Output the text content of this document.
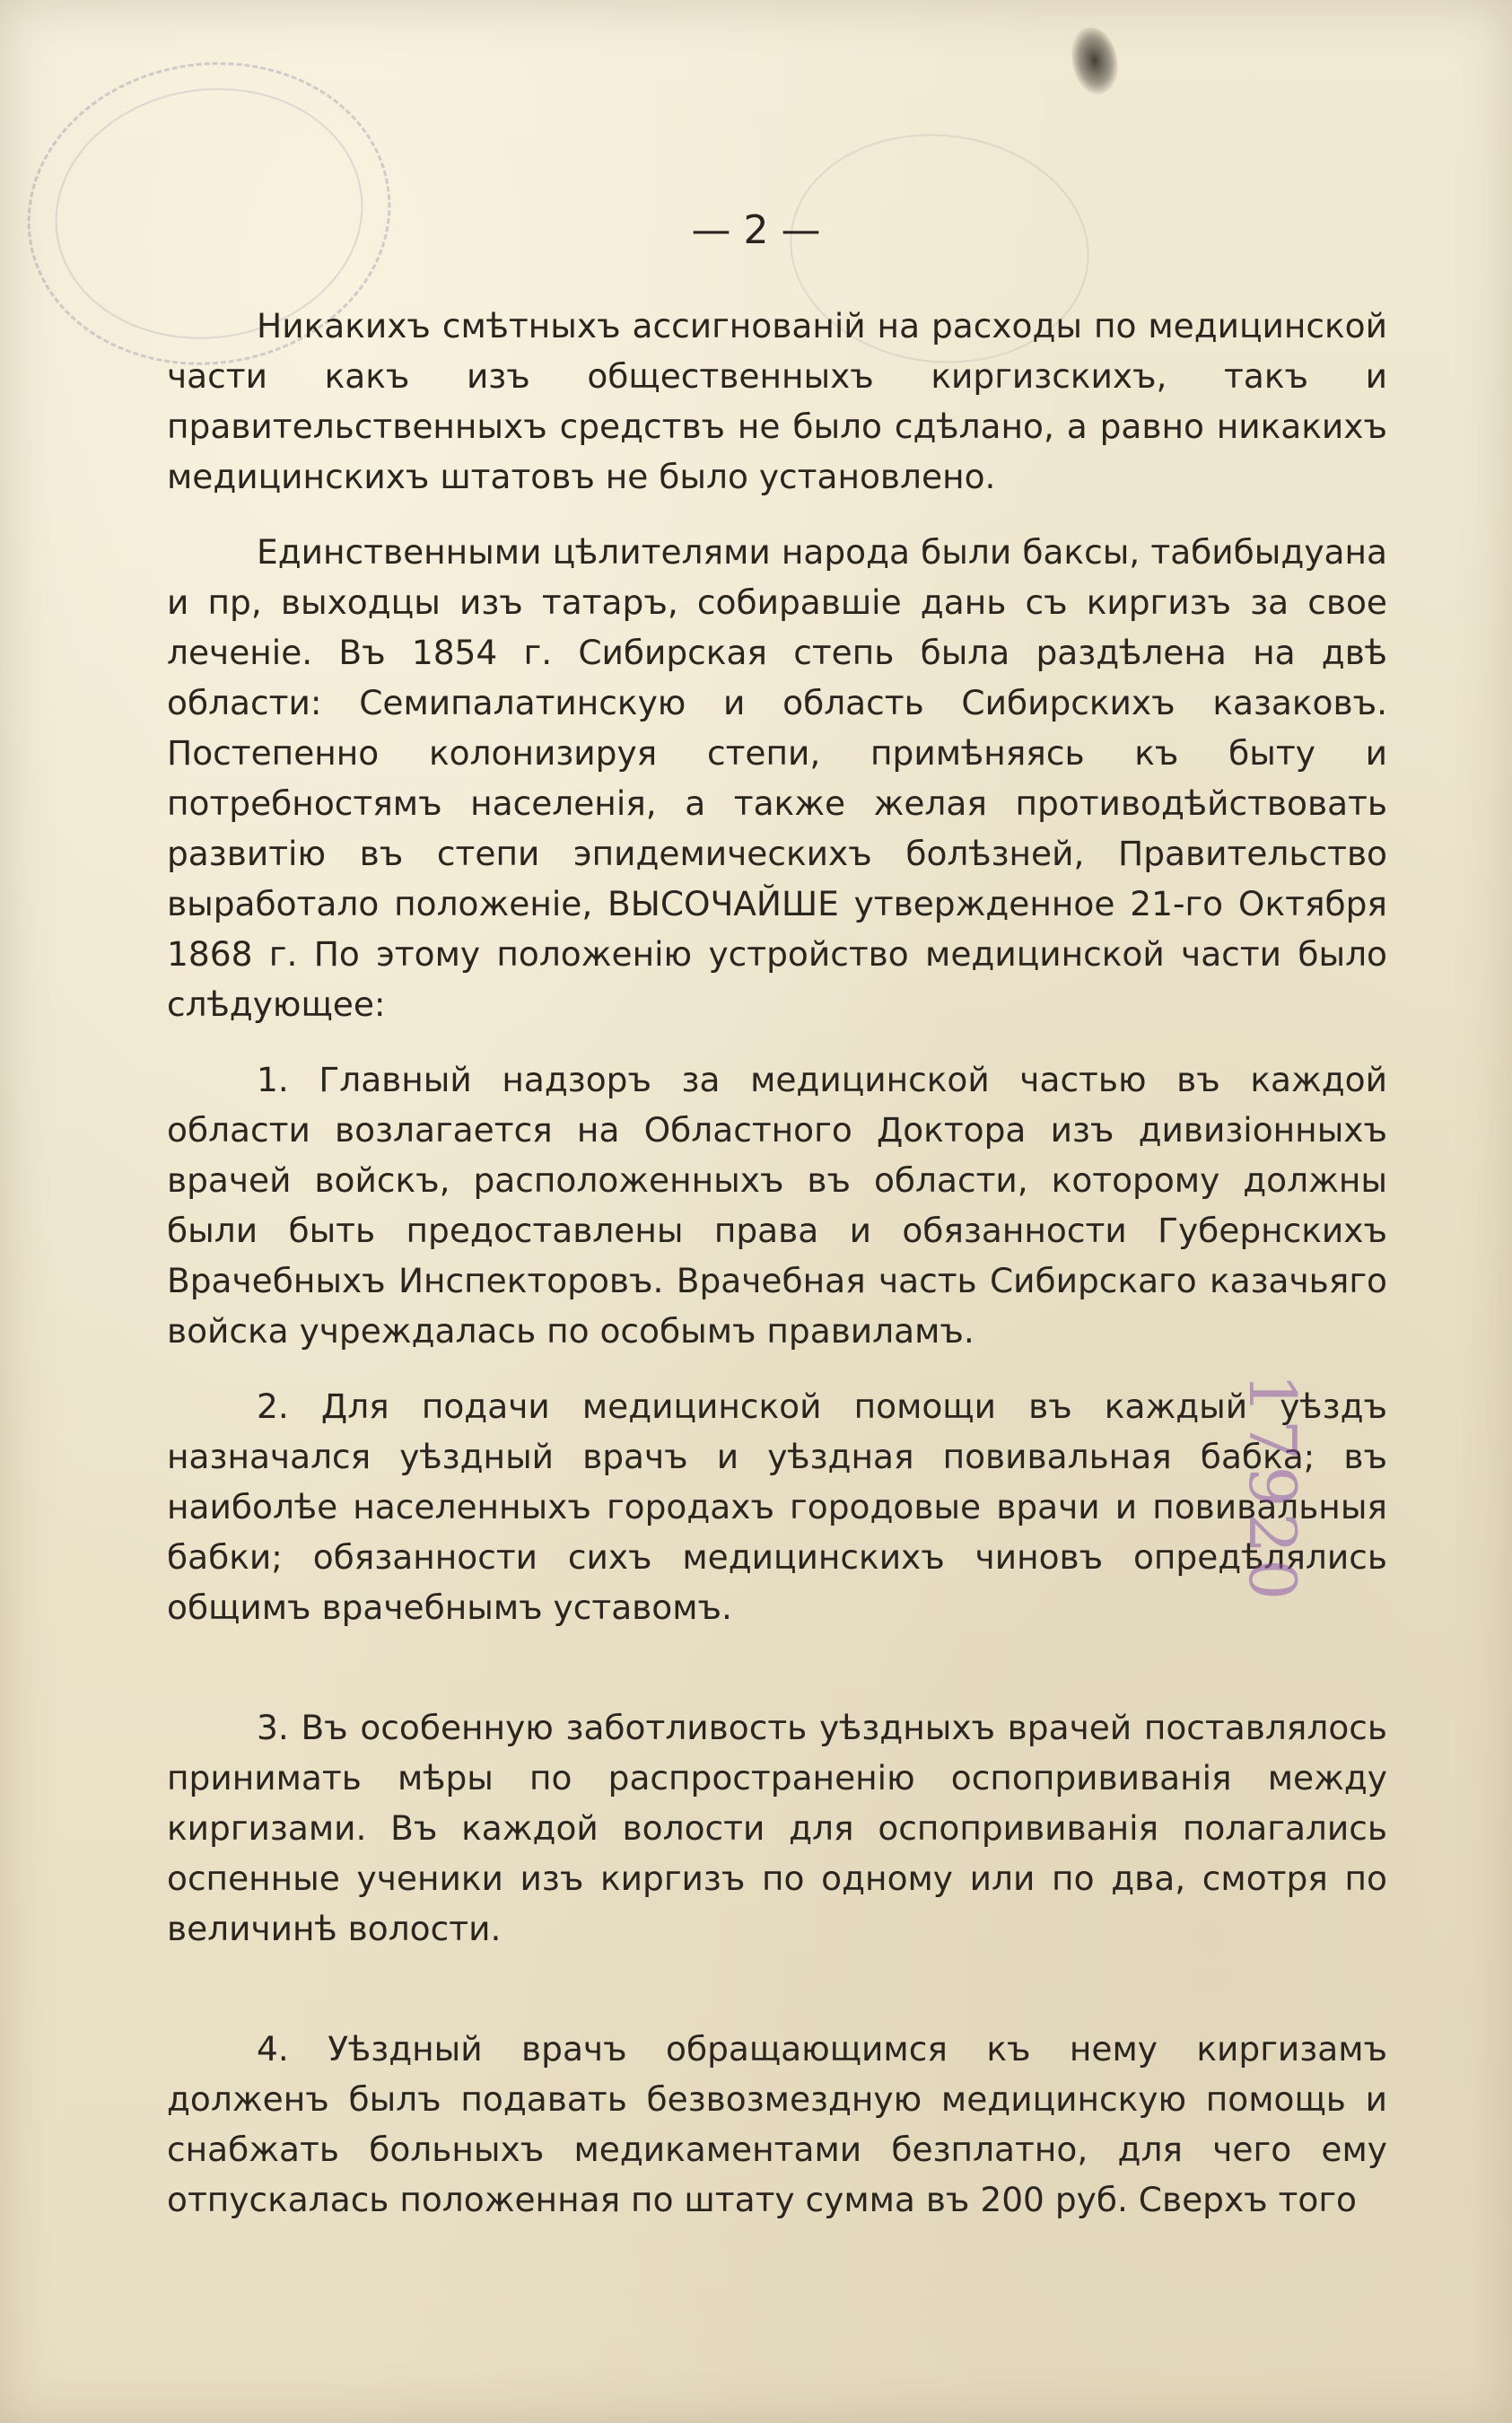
— 2 —

Никакихъ смѣтныхъ ассигнованій на расходы по медицинской части какъ изъ общественныхъ киргизскихъ, такъ и правительственныхъ средствъ не было сдѣлано, а равно никакихъ медицинскихъ штатовъ не было установлено.

Единственными цѣлителями народа были баксы, табибыдуана и пр, выходцы изъ татаръ, собиравшіе дань съ киргизъ за свое леченіе. Въ 1854 г. Сибирская степь была раздѣлена на двѣ области: Семипалатинскую и область Сибирскихъ казаковъ. Постепенно колонизируя степи, примѣняясь къ быту и потребностямъ населенія, а также желая противодѣйствовать развитію въ степи эпидемическихъ болѣзней, Правительство выработало положеніе, ВЫСОЧАЙШЕ утвержденное 21-го Октября 1868 г. По этому положенію устройство медицинской части было слѣдующее:

1. Главный надзоръ за медицинской частью въ каждой области возлагается на Областного Доктора изъ дивизіонныхъ врачей войскъ, расположенныхъ въ области, которому должны были быть предоставлены права и обязанности Губернскихъ Врачебныхъ Инспекторовъ. Врачебная часть Сибирскаго казачьяго войска учреждалась по особымъ правиламъ.

2. Для подачи медицинской помощи въ каждый уѣздъ назначался уѣздный врачъ и уѣздная повивальная бабка; въ наиболѣе населенныхъ городахъ городовые врачи и повивальныя бабки; обязанности сихъ медицинскихъ чиновъ опредѣлялись общимъ врачебнымъ уставомъ.

3. Въ особенную заботливость уѣздныхъ врачей поставлялось принимать мѣры по распространенію оспопрививанія между киргизами. Въ каждой волости для оспопрививанія полагались оспенные ученики изъ киргизъ по одному или по два, смотря по величинѣ волости.

4. Уѣздный врачъ обращающимся къ нему киргизамъ долженъ былъ подавать безвозмездную медицинскую помощь и снабжать больныхъ медикаментами безплатно, для чего ему отпускалась положенная по штату сумма въ 200 руб. Сверхъ того

17920
